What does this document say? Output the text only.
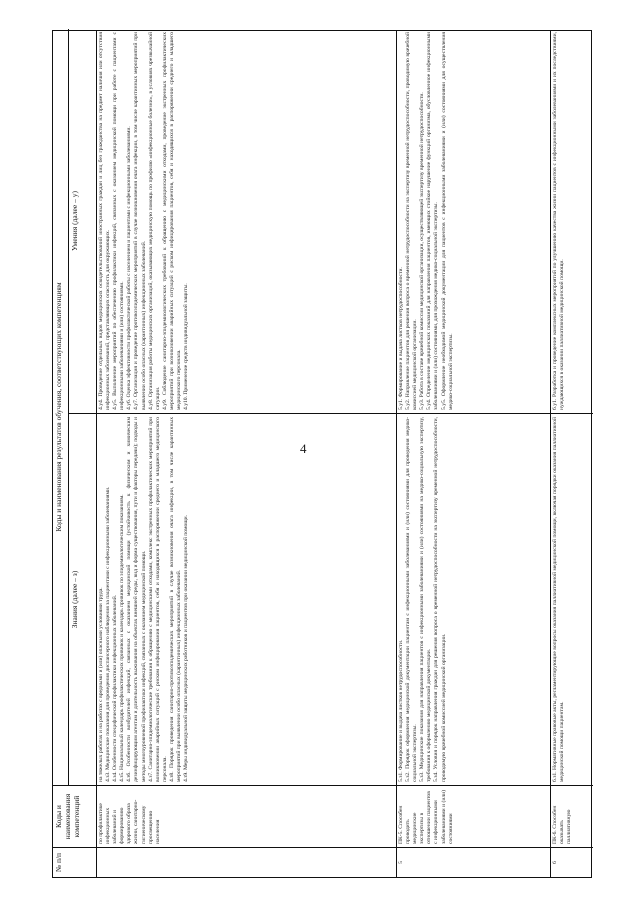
4
№ п/п
Коды и наименования компетенций
Коды и наименования результатов обучения, соответствующих компетенциям
Знания (далее – з)
Умения (далее – у)
по профилактике инфекционных заболеваний и формированию здорового образа жизни, санитарно-гигиеническому просвещению населения

на тяжелых работах и на работах с вредными и (или) опасными условиями труда. 4.з3. Медицинские показания для проведения диспансерного наблюдения за пациентами с инфекционными заболеваниями. 4.з4. Особенности специфической профилактики инфекционных заболеваний. 4.з5. Национальный календарь профилактических прививок и календарь прививок по эпидемиологическим показаниям. 4.з6. Особенности возбудителей инфекций, связанных с оказанием медицинской помощи (устойчивость к физическим и химическим дезинфицирующим агентам и длительность выживания на объектах внешней среды, вид и форма существования, пути и факторы передачи); подходы и методы многоуровневой профилактики инфекций, связанных с оказанием медицинской помощи. 4.з7. Санитарно-эпидемиологические требования к обращению с медицинскими отходами, комплекс экстренных профилактических мероприятий при возникновении аварийных ситуаций с риском инфицирования пациентов, себя и находящихся в распоряжении среднего и младшего медицинского персонала. 4.з8. Порядок проведения санитарно-противоэпидемических мероприятий в случае возникновения очага инфекции, в том числе карантинных мероприятий при выявлении особо опасных (карантинных) инфекционных заболеваний. 4.з9. Меры индивидуальной защиты медицинских работников и пациентов при оказании медицинской помощи.

4.у4. Проведение отдельных видов медицинских освидетельствований иностранных граждан и лиц без гражданства на предмет наличия или отсутствия инфекционных заболеваний, представляющих опасность для окружающих. 4.у5. Выполнение мероприятий по обеспечению профилактики инфекций, связанных с оказанием медицинской помощи при работе с пациентами с инфекционными заболеваниями и (или) состояниями. 4.у6. Оценка эффективности профилактической работы с населением и пациентами с инфекционными заболеваниями. 4.у7. Организация и проведение противоэпидемических мероприятий в случае возникновения очага инфекции, в том числе карантинных мероприятий при выявлении особо опасных (карантинных) инфекционных заболеваний. 4.у8. Организация работы медицинских организаций, оказывающих медицинскую помощь по профилю «инфекционные болезни», в условиях чрезвычайной ситуации. 4.у9. Соблюдение санитарно-эпидемиологических требований к обращению с медицинскими отходами, проведение экстренных профилактических мероприятий при возникновении аварийных ситуаций с риском инфицирования пациентов, себя и находящихся в распоряжении среднего и младшего медицинского персонала. 4.у10. Применение средств индивидуальной защиты.

5
ПК-5. Способен проводить медицинские экспертизы в отношении пациентов с инфекционными заболеваниями и (или) состояниями

5.з1. Формирование и выдача листков нетрудоспособности. 5.з2. Порядок оформления медицинской документации пациентам с инфекционными заболеваниями и (или) состояниями для проведения медико-социальной экспертизы. 5.з3. Медицинские показания для направления пациентов с инфекционными заболеваниями и (или) состояниями на медико-социальную экспертизу, требования к оформлению медицинской документации. 5.з4. Условия и порядок направления граждан для решения вопроса о временной нетрудоспособности на экспертизу временной нетрудоспособности, проводимую врачебной комиссией медицинской организации.

5.у1. Формирование и выдача листков нетрудоспособности. 5.у2. Направление пациентов для решения вопроса о временной нетрудоспособности на экспертизу временной нетрудоспособности, проводимую врачебной комиссией медицинской организации. 5.у3. Работа в составе врачебной комиссии медицинской организации, осуществляющей экспертизу временной нетрудоспособности. 5.у4. Определение медицинских показаний для направления пациентов, имеющих стойкое нарушение функций организма, обусловленное инфекционными заболеваниями и (или) состояниями, для прохождения медико-социальной экспертизы. 5.у5. Оформление необходимой медицинской документации для пациентов с инфекционными заболеваниями и (или) состояниями для осуществления медико-социальной экспертизы.

6
ПК-6. Способен оказывать паллиативную

6.з1. Нормативные правовые акты, регламентирующие вопросы оказания паллиативной медицинской помощи, включая порядки оказания паллиативной медицинской помощи пациентам.

6.у1. Разработка и проведение комплексных мероприятий по улучшению качества жизни пациентов с инфекционными заболеваниями и их последствиями, нуждающихся в оказании паллиативной медицинской помощи.
